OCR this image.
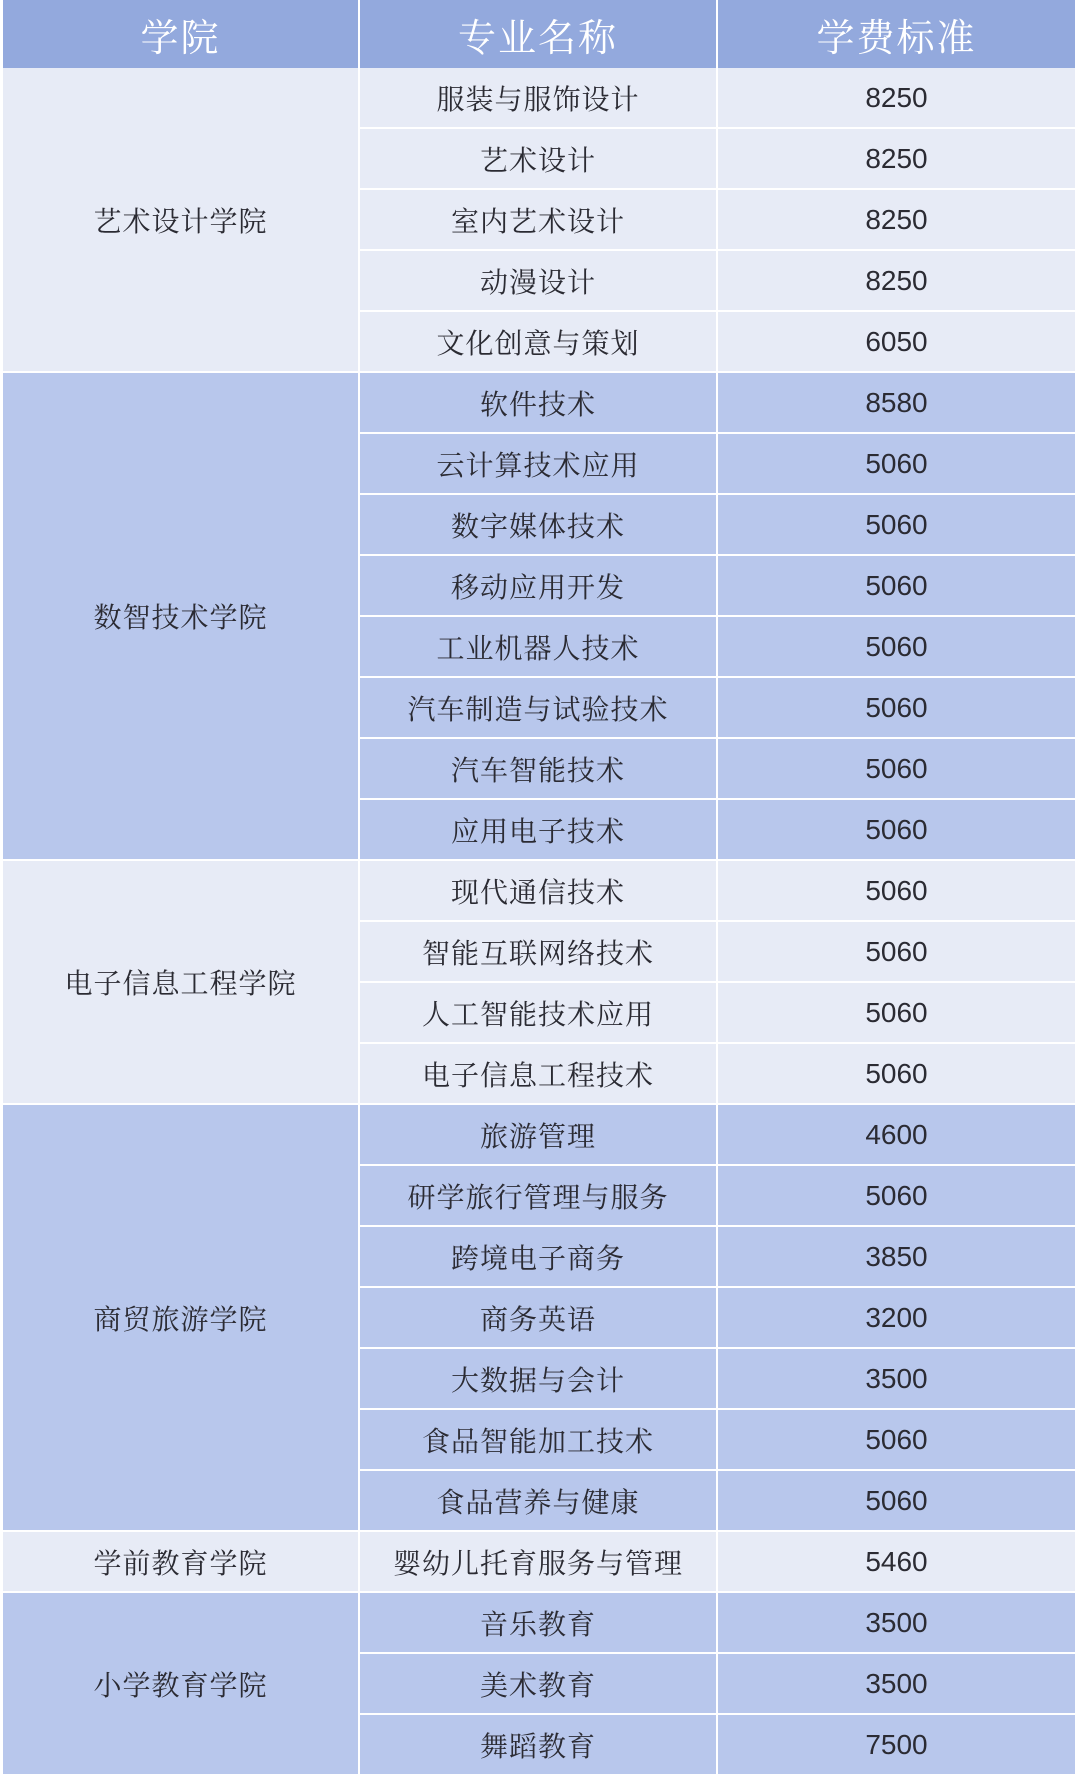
学院	专业名称	学费标准
艺术设计学院	服装与服饰设计	8250
	艺术设计	8250
	室内艺术设计	8250
	动漫设计	8250
	文化创意与策划	6050
数智技术学院	软件技术	8580
	云计算技术应用	5060
	数字媒体技术	5060
	移动应用开发	5060
	工业机器人技术	5060
	汽车制造与试验技术	5060
	汽车智能技术	5060
	应用电子技术	5060
电子信息工程学院	现代通信技术	5060
	智能互联网络技术	5060
	人工智能技术应用	5060
	电子信息工程技术	5060
商贸旅游学院	旅游管理	4600
	研学旅行管理与服务	5060
	跨境电子商务	3850
	商务英语	3200
	大数据与会计	3500
	食品智能加工技术	5060
	食品营养与健康	5060
学前教育学院	婴幼儿托育服务与管理	5460
小学教育学院	音乐教育	3500
	美术教育	3500
	舞蹈教育	7500
